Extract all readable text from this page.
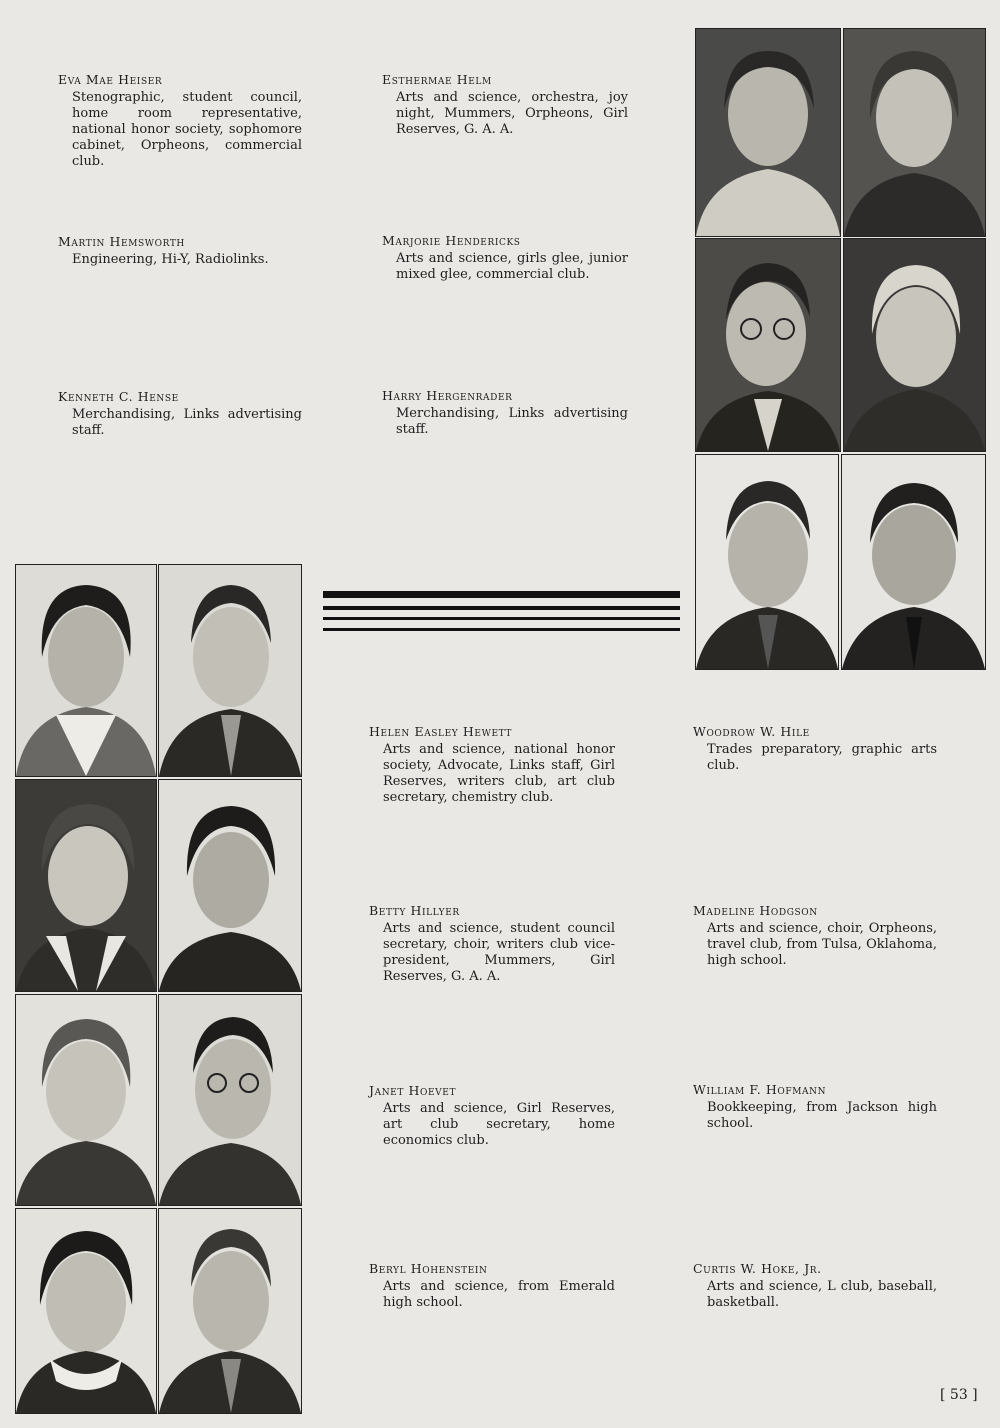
Eva Mae Heiser

Stenographic, student council, home room representative, national honor society, sophomore cabinet, Orpheons, commercial club.

Esthermae Helm

Arts and science, orchestra, joy night, Mummers, Orpheons, Girl Reserves, G. A. A.

Martin Hemsworth

Engineering, Hi-Y, Radiolinks.

Marjorie Hendericks

Arts and science, girls glee, junior mixed glee, commercial club.

Kenneth C. Hense

Merchandising, Links advertising staff.

Harry Hergenrader

Merchandising, Links advertising staff.

Helen Easley Hewett

Arts and science, national honor society, Advocate, Links staff, Girl Reserves, writers club, art club secretary, chemistry club.

Woodrow W. Hile

Trades preparatory, graphic arts club.

Betty Hillyer

Arts and science, student council secretary, choir, writers club vice-president, Mummers, Girl Reserves, G. A. A.

Madeline Hodgson

Arts and science, choir, Orpheons, travel club, from Tulsa, Oklahoma, high school.

Janet Hoevet

Arts and science, Girl Reserves, art club secretary, home economics club.

William F. Hofmann

Bookkeeping, from Jackson high school.

Beryl Hohenstein

Arts and science, from Emerald high school.

Curtis W. Hoke, Jr.

Arts and science, L club, baseball, basketball.

[ 53 ]
